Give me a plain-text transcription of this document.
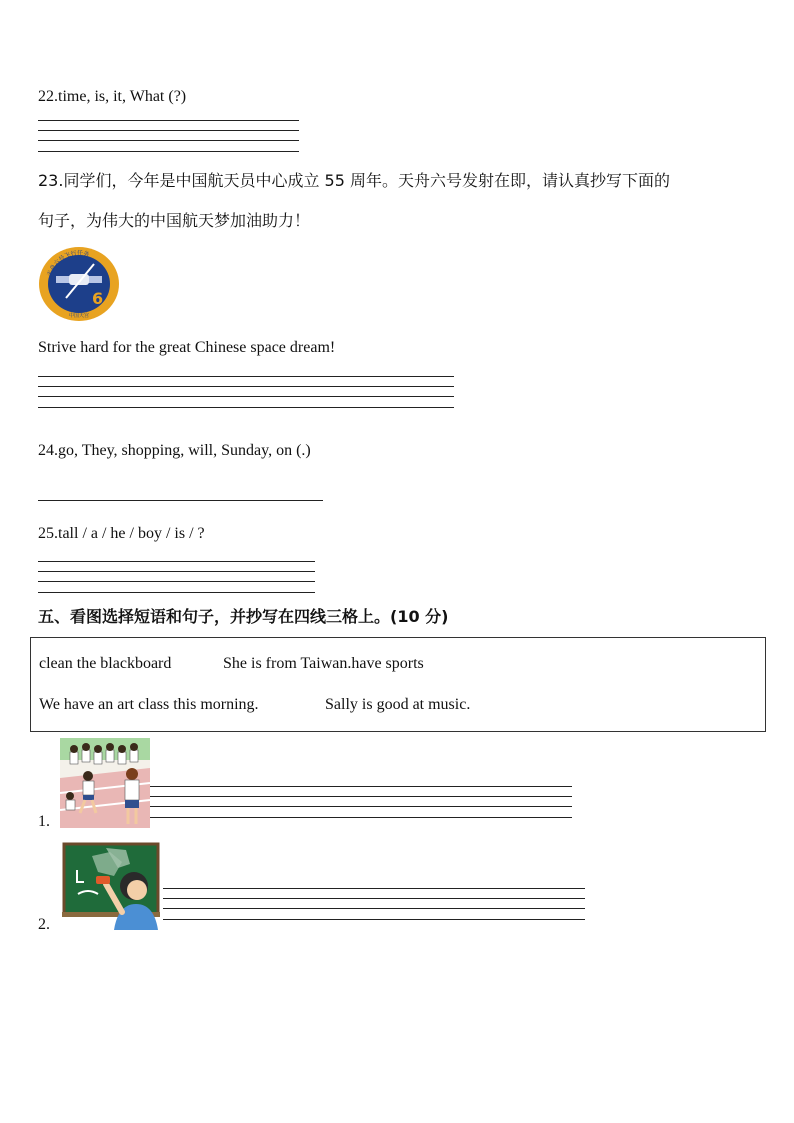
22.time, is, it, What (?)
23.同学们，今年是中国航天员中心成立 55 周年。天舟六号发射在即，请认真抄写下面的
句子，为伟大的中国航天梦加油助力！
天舟六号飞行任务
6
中国天宫
Strive hard for the great Chinese space dream!
24.go, They, shopping, will, Sunday, on (.)
25.tall / a / he / boy / is / ?
五、看图选择短语和句子，并抄写在四线三格上。(10 分)
clean the blackboard	She is from Taiwan.have sports
We have an art class this morning.	Sally is good at music.
1.
2.
